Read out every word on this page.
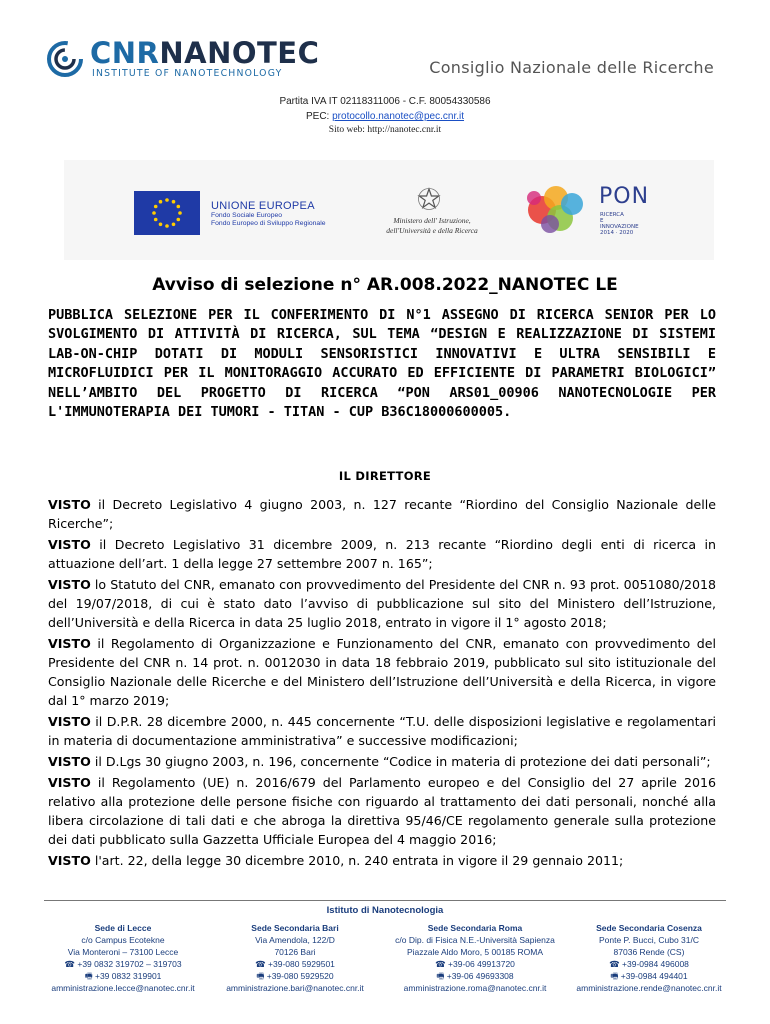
CNRNANOTEC
INSTITUTE OF NANOTECHNOLOGY	Consiglio Nazionale delle Ricerche
Partita IVA IT 02118311006 - C.F. 80054330586
PEC: protocollo.nanotec@pec.cnr.it
Sito web: http://nanotec.cnr.it
UNIONE EUROPEA
Fondo Sociale Europeo
Fondo Europeo di Sviluppo Regionale	Ministero dell' Istruzione,
dell'Università e della Ricerca
PON
RICERCA
E INNOVAZIONE
2014 · 2020
Avviso di selezione n° AR.008.2022_NANOTEC LE
PUBBLICA SELEZIONE PER IL CONFERIMENTO DI N°1 ASSEGNO DI RICERCA SENIOR PER LO SVOLGIMENTO DI ATTIVITÀ DI RICERCA, SUL TEMA “DESIGN E REALIZZAZIONE DI SISTEMI LAB-ON-CHIP DOTATI DI MODULI SENSORISTICI INNOVATIVI E ULTRA SENSIBILI E MICROFLUIDICI PER IL MONITORAGGIO ACCURATO ED EFFICIENTE DI PARAMETRI BIOLOGICI” NELL’AMBITO DEL PROGETTO DI RICERCA “PON ARS01_00906 NANOTECNOLOGIE PER L'IMMUNOTERAPIA DEI TUMORI - TITAN - CUP B36C18000600005.
IL DIRETTORE

VISTO il Decreto Legislativo 4 giugno 2003, n. 127 recante “Riordino del Consiglio Nazionale delle Ricerche”;

VISTO il Decreto Legislativo 31 dicembre 2009, n. 213 recante “Riordino degli enti di ricerca in attuazione dell’art. 1 della legge 27 settembre 2007 n. 165”;

VISTO lo Statuto del CNR, emanato con provvedimento del Presidente del CNR n. 93 prot. 0051080/2018 del 19/07/2018, di cui è stato dato l’avviso di pubblicazione sul sito del Ministero dell’Istruzione, dell’Università e della Ricerca in data 25 luglio 2018, entrato in vigore il 1° agosto 2018;

VISTO il Regolamento di Organizzazione e Funzionamento del CNR, emanato con provvedimento del Presidente del CNR n. 14 prot. n. 0012030 in data 18 febbraio 2019, pubblicato sul sito istituzionale del Consiglio Nazionale delle Ricerche e del Ministero dell’Istruzione dell’Università e della Ricerca, in vigore dal 1° marzo 2019;

VISTO il D.P.R. 28 dicembre 2000, n. 445 concernente “T.U. delle disposizioni legislative e regolamentari in materia di documentazione amministrativa” e successive modificazioni;

VISTO il D.Lgs 30 giugno 2003, n. 196, concernente “Codice in materia di protezione dei dati personali”;

VISTO il Regolamento (UE) n. 2016/679 del Parlamento europeo e del Consiglio del 27 aprile 2016 relativo alla protezione delle persone fisiche con riguardo al trattamento dei dati personali, nonché alla libera circolazione di tali dati e che abroga la direttiva 95/46/CE regolamento generale sulla protezione dei dati pubblicato sulla Gazzetta Ufficiale Europea del 4 maggio 2016;

VISTO l'art. 22, della legge 30 dicembre 2010, n. 240 entrata in vigore il 29 gennaio 2011;

Istituto di Nanotecnologia
Sede di Lecce
c/o Campus Ecotekne
Via Monteroni – 73100 Lecce
☎ +39 0832 319702 – 319703
🖷 +39 0832 319901
amministrazione.lecce@nanotec.cnr.it
Sede Secondaria Bari
Via Amendola, 122/D
70126 Bari
☎ +39-080 5929501
🖷 +39-080 5929520
amministrazione.bari@nanotec.cnr.it
Sede Secondaria Roma
c/o Dip. di Fisica N.E.-Università Sapienza
Piazzale Aldo Moro, 5 00185 ROMA
☎ +39-06 49913720
🖷 +39-06 49693308
amministrazione.roma@nanotec.cnr.it
Sede Secondaria Cosenza
Ponte P. Bucci, Cubo 31/C
87036 Rende (CS)
☎ +39-0984 496008
🖷 +39-0984 494401
amministrazione.rende@nanotec.cnr.it
